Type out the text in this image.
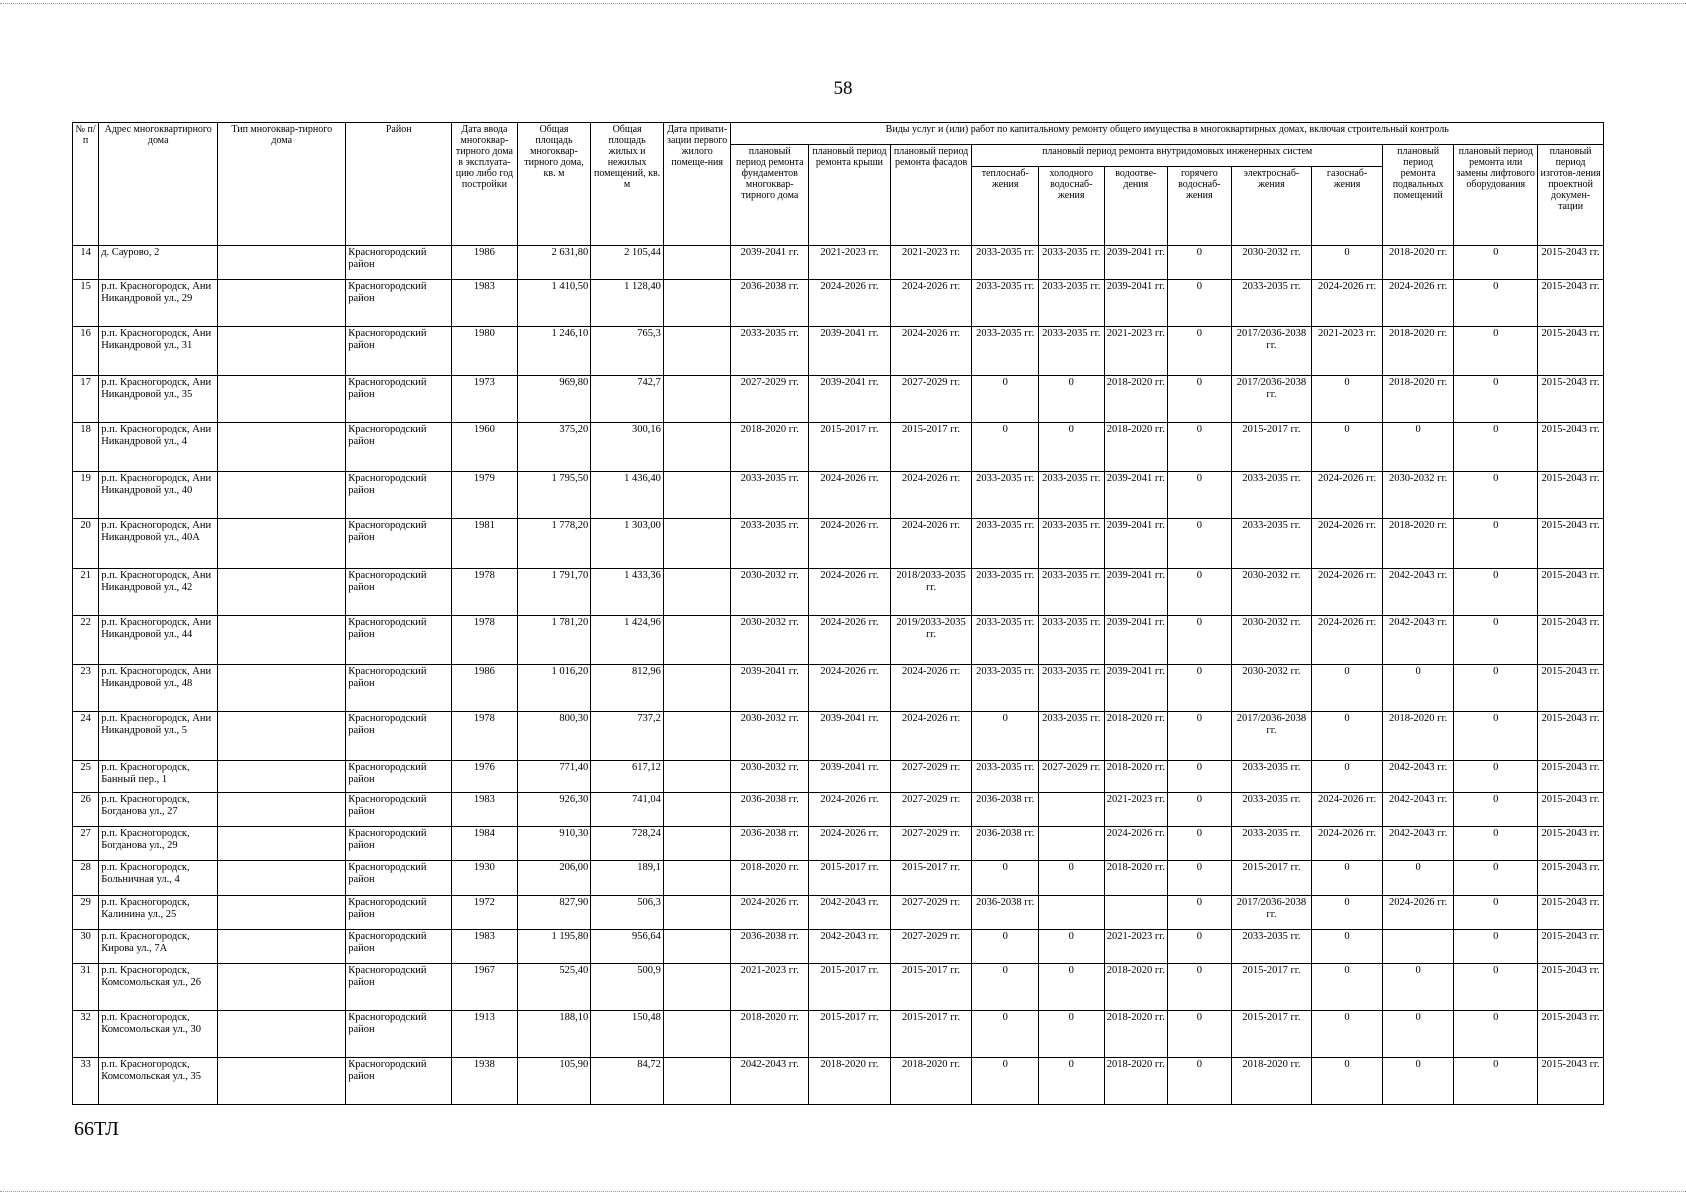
58
№ п/п	Адрес многоквартирного дома	Тип многоквар-тирного дома	Район	Дата ввода многоквар-тирного дома в эксплуата-цию либо год постройки	Общая площадь многоквар-тирного дома, кв. м	Общая площадь жилых и нежилых помещений, кв. м	Дата привати-зации первого жилого помеще-ния	Виды услуг и (или) работ по капитальному ремонту общего имущества в многоквартирных домах, включая строительный контроль											
								плановый период ремонта фундаментов многоквар-тирного дома	плановый период ремонта крыши	плановый период ремонта фасадов	плановый период ремонта внутридомовых инженерных систем						плановый период ремонта подвальных помещений	плановый период ремонта или замены лифтового оборудования	плановый период изготов-ления проектной докумен-тации
											теплоснаб-жения	холодного водоснаб-жения	водоотве-дения	горячего водоснаб-жения	электроснаб-жения	газоснаб-жения			
14	д. Саурово, 2		Красногородский район	1986	2 631,80	2 105,44		2039-2041 гг.	2021-2023 гг.	2021-2023 гг.	2033-2035 гг.	2033-2035 гг.	2039-2041 гг.	0	2030-2032 гг.	0	2018-2020 гг.	0	2015-2043 гг.
15	р.п. Красногородск, Ани Никандровой ул., 29		Красногородский район	1983	1 410,50	1 128,40		2036-2038 гг.	2024-2026 гг.	2024-2026 гг.	2033-2035 гг.	2033-2035 гг.	2039-2041 гг.	0	2033-2035 гг.	2024-2026 гг.	2024-2026 гг.	0	2015-2043 гг.
16	р.п. Красногородск, Ани Никандровой ул., 31		Красногородский район	1980	1 246,10	765,3		2033-2035 гг.	2039-2041 гг.	2024-2026 гг.	2033-2035 гг.	2033-2035 гг.	2021-2023 гг.	0	2017/2036-2038 гг.	2021-2023 гг.	2018-2020 гг.	0	2015-2043 гг.
17	р.п. Красногородск, Ани Никандровой ул., 35		Красногородский район	1973	969,80	742,7		2027-2029 гг.	2039-2041 гг.	2027-2029 гг.	0	0	2018-2020 гг.	0	2017/2036-2038 гг.	0	2018-2020 гг.	0	2015-2043 гг.
18	р.п. Красногородск, Ани Никандровой ул., 4		Красногородский район	1960	375,20	300,16		2018-2020 гг.	2015-2017 гг.	2015-2017 гг.	0	0	2018-2020 гг.	0	2015-2017 гг.	0	0	0	2015-2043 гг.
19	р.п. Красногородск, Ани Никандровой ул., 40		Красногородский район	1979	1 795,50	1 436,40		2033-2035 гг.	2024-2026 гг.	2024-2026 гг.	2033-2035 гг.	2033-2035 гг.	2039-2041 гг.	0	2033-2035 гг.	2024-2026 гг.	2030-2032 гг.	0	2015-2043 гг.
20	р.п. Красногородск, Ани Никандровой ул., 40А		Красногородский район	1981	1 778,20	1 303,00		2033-2035 гг.	2024-2026 гг.	2024-2026 гг.	2033-2035 гг.	2033-2035 гг.	2039-2041 гг.	0	2033-2035 гг.	2024-2026 гг.	2018-2020 гг.	0	2015-2043 гг.
21	р.п. Красногородск, Ани Никандровой ул., 42		Красногородский район	1978	1 791,70	1 433,36		2030-2032 гг.	2024-2026 гг.	2018/2033-2035 гг.	2033-2035 гг.	2033-2035 гг.	2039-2041 гг.	0	2030-2032 гг.	2024-2026 гг.	2042-2043 гг.	0	2015-2043 гг.
22	р.п. Красногородск, Ани Никандровой ул., 44		Красногородский район	1978	1 781,20	1 424,96		2030-2032 гг.	2024-2026 гг.	2019/2033-2035 гг.	2033-2035 гг.	2033-2035 гг.	2039-2041 гг.	0	2030-2032 гг.	2024-2026 гг.	2042-2043 гг.	0	2015-2043 гг.
23	р.п. Красногородск, Ани Никандровой ул., 48		Красногородский район	1986	1 016,20	812,96		2039-2041 гг.	2024-2026 гг.	2024-2026 гг.	2033-2035 гг.	2033-2035 гг.	2039-2041 гг.	0	2030-2032 гг.	0	0	0	2015-2043 гг.
24	р.п. Красногородск, Ани Никандровой ул., 5		Красногородский район	1978	800,30	737,2		2030-2032 гг.	2039-2041 гг.	2024-2026 гг.	0	2033-2035 гг.	2018-2020 гг.	0	2017/2036-2038 гг.	0	2018-2020 гг.	0	2015-2043 гг.
25	р.п. Красногородск, Банный пер., 1		Красногородский район	1976	771,40	617,12		2030-2032 гг.	2039-2041 гг.	2027-2029 гг.	2033-2035 гг.	2027-2029 гг.	2018-2020 гг.	0	2033-2035 гг.	0	2042-2043 гг.	0	2015-2043 гг.
26	р.п. Красногородск, Богданова ул., 27		Красногородский район	1983	926,30	741,04		2036-2038 гг.	2024-2026 гг.	2027-2029 гг.	2036-2038 гг.		2021-2023 гг.	0	2033-2035 гг.	2024-2026 гг.	2042-2043 гг.	0	2015-2043 гг.
27	р.п. Красногородск, Богданова ул., 29		Красногородский район	1984	910,30	728,24		2036-2038 гг.	2024-2026 гг.	2027-2029 гг.	2036-2038 гг.		2024-2026 гг.	0	2033-2035 гг.	2024-2026 гг.	2042-2043 гг.	0	2015-2043 гг.
28	р.п. Красногородск, Больничная ул., 4		Красногородский район	1930	206,00	189,1		2018-2020 гг.	2015-2017 гг.	2015-2017 гг.	0	0	2018-2020 гг.	0	2015-2017 гг.	0	0	0	2015-2043 гг.
29	р.п. Красногородск, Калинина ул., 25		Красногородский район	1972	827,90	506,3		2024-2026 гг.	2042-2043 гг.	2027-2029 гг.	2036-2038 гг.			0	2017/2036-2038 гг.	0	2024-2026 гг.	0	2015-2043 гг.
30	р.п. Красногородск, Кирова ул., 7А		Красногородский район	1983	1 195,80	956,64		2036-2038 гг.	2042-2043 гг.	2027-2029 гг.	0	0	2021-2023 гг.	0	2033-2035 гг.	0		0	2015-2043 гг.
31	р.п. Красногородск, Комсомольская ул., 26		Красногородский район	1967	525,40	500,9		2021-2023 гг.	2015-2017 гг.	2015-2017 гг.	0	0	2018-2020 гг.	0	2015-2017 гг.	0	0	0	2015-2043 гг.
32	р.п. Красногородск, Комсомольская ул., 30		Красногородский район	1913	188,10	150,48		2018-2020 гг.	2015-2017 гг.	2015-2017 гг.	0	0	2018-2020 гг.	0	2015-2017 гг.	0	0	0	2015-2043 гг.
33	р.п. Красногородск, Комсомольская ул., 35		Красногородский район	1938	105,90	84,72		2042-2043 гг.	2018-2020 гг.	2018-2020 гг.	0	0	2018-2020 гг.	0	2018-2020 гг.	0	0	0	2015-2043 гг.
66ТЛ
